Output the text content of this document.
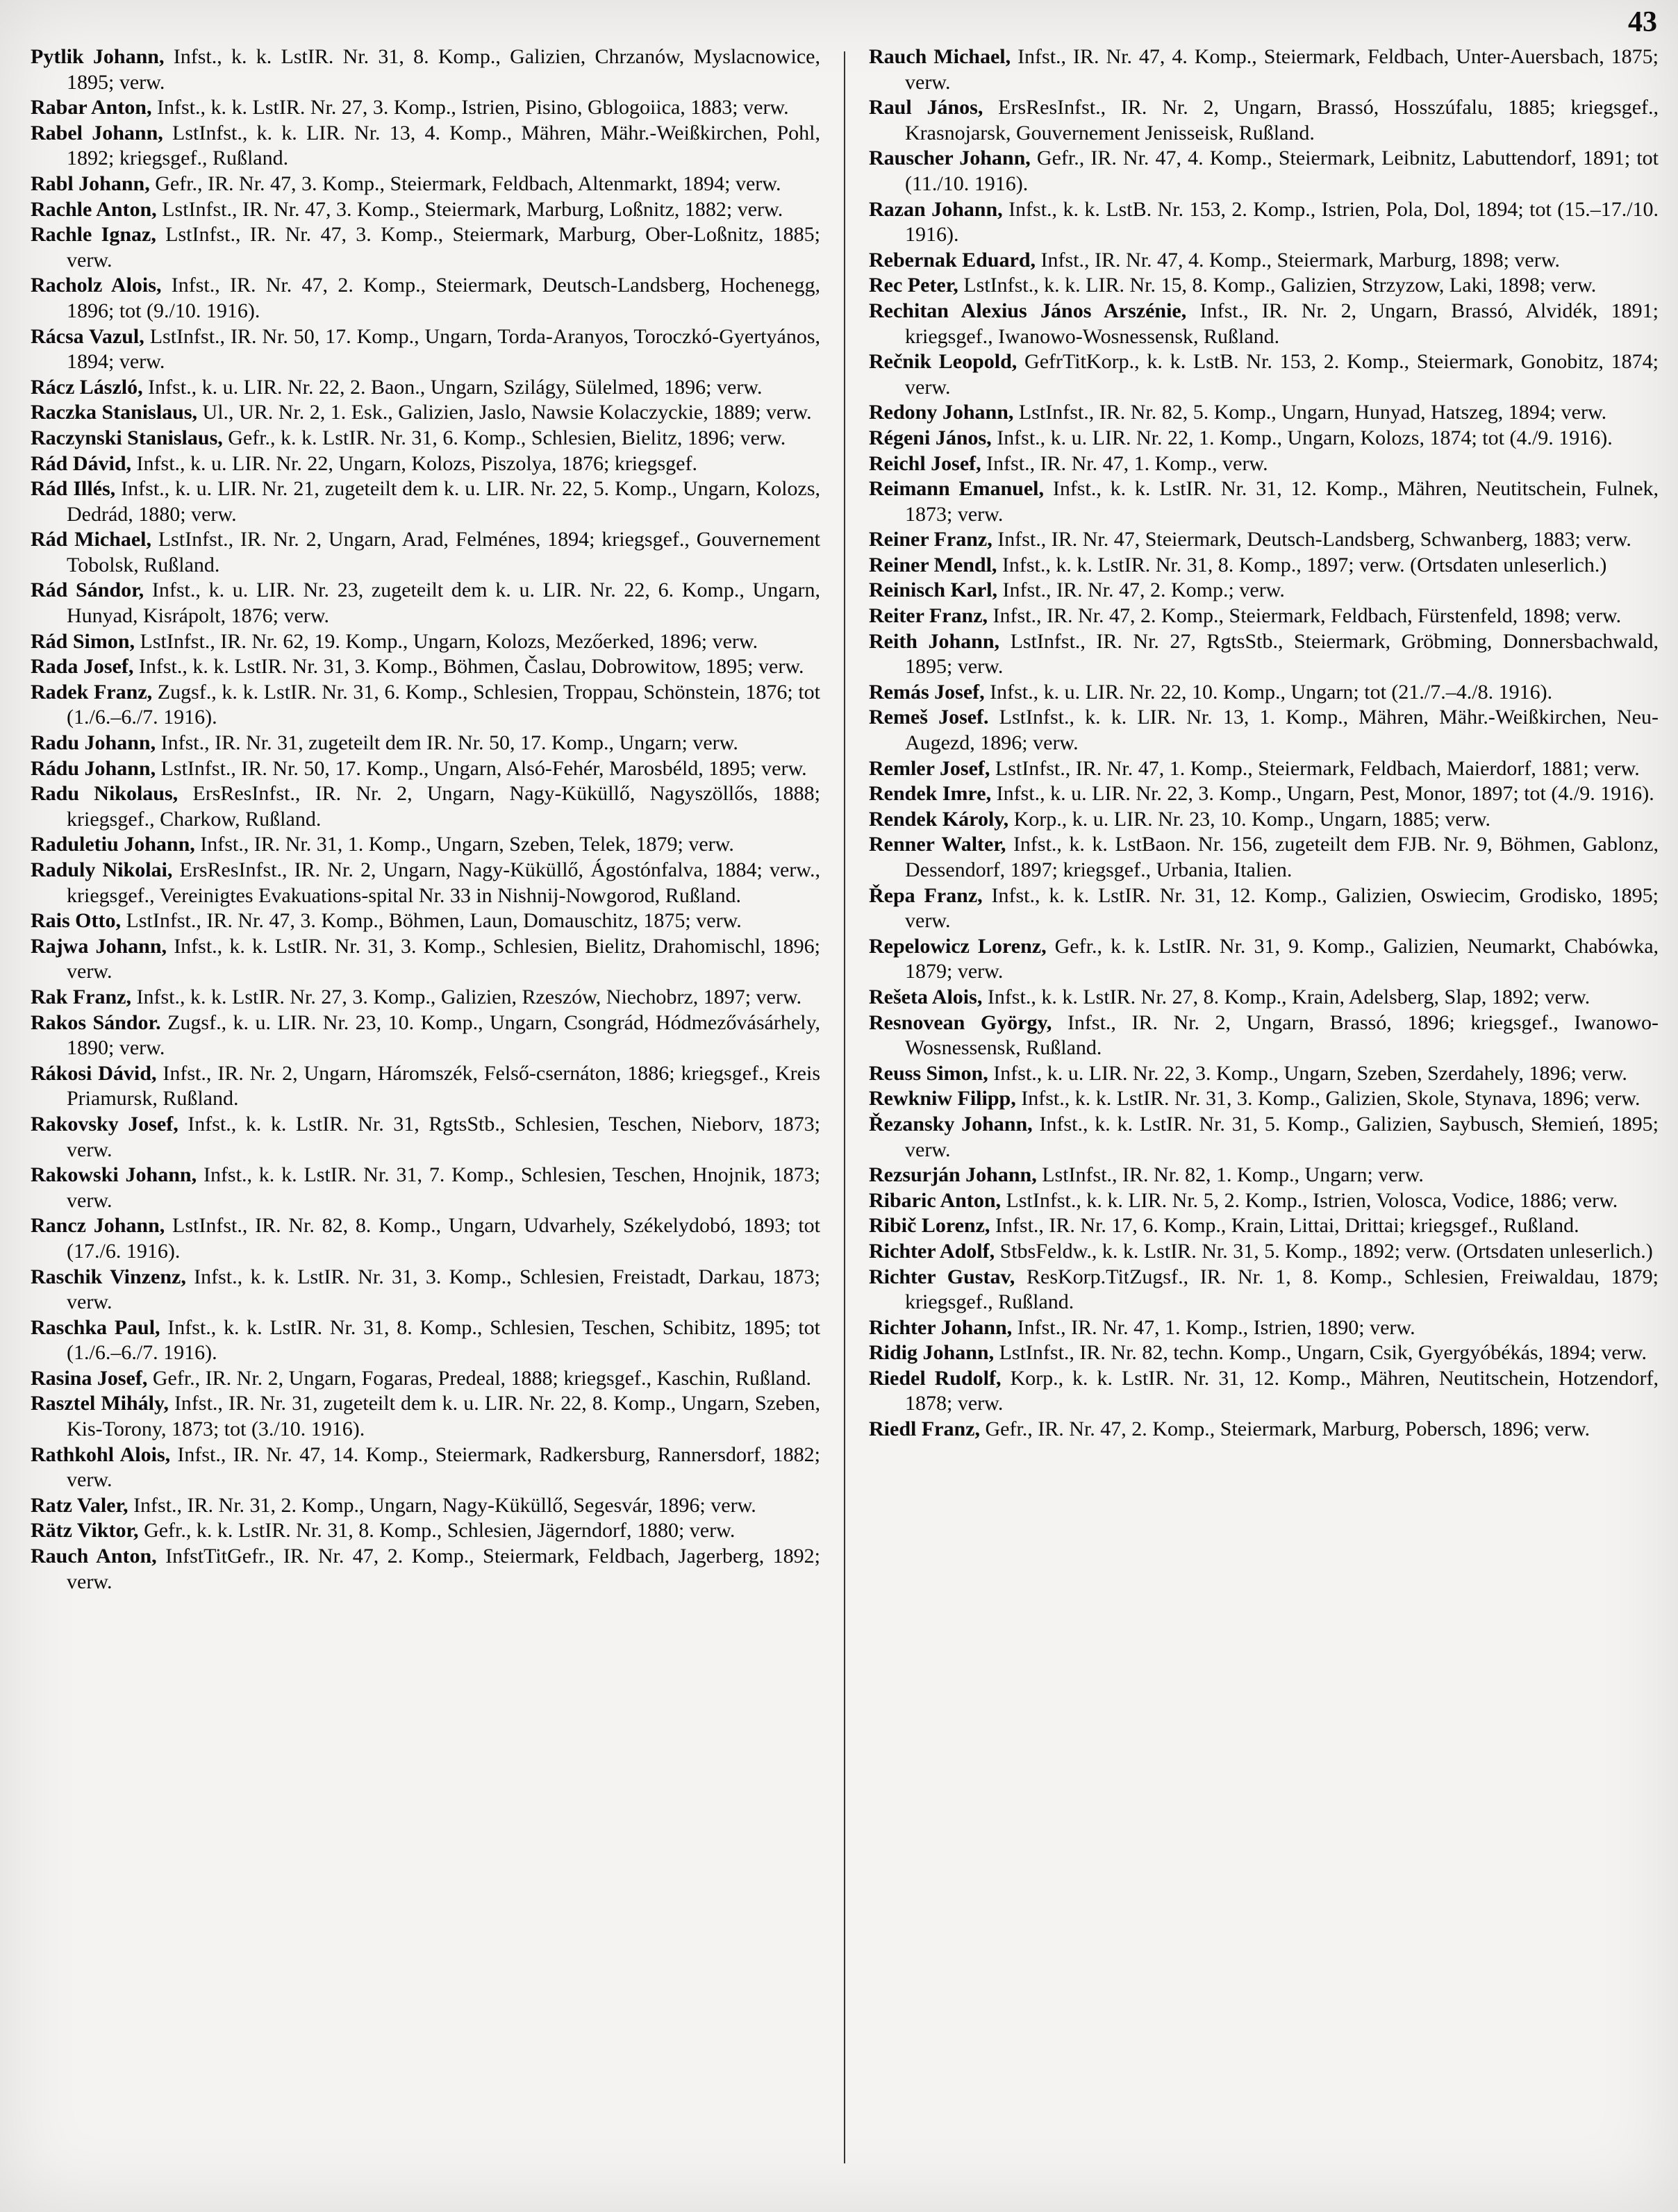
43

Pytlik Johann, Infst., k. k. LstIR. Nr. 31, 8. Komp., Galizien, Chrzanów, Myslacnowice, 1895; verw.

Rabar Anton, Infst., k. k. LstIR. Nr. 27, 3. Komp., Istrien, Pisino, Gblogoiica, 1883; verw.

Rabel Johann, LstInfst., k. k. LIR. Nr. 13, 4. Komp., Mähren, Mähr.-Weißkirchen, Pohl, 1892; kriegsgef., Rußland.

Rabl Johann, Gefr., IR. Nr. 47, 3. Komp., Steiermark, Feldbach, Altenmarkt, 1894; verw.

Rachle Anton, LstInfst., IR. Nr. 47, 3. Komp., Steiermark, Marburg, Loßnitz, 1882; verw.

Rachle Ignaz, LstInfst., IR. Nr. 47, 3. Komp., Steiermark, Marburg, Ober-Loßnitz, 1885; verw.

Racholz Alois, Infst., IR. Nr. 47, 2. Komp., Steiermark, Deutsch-Landsberg, Hochenegg, 1896; tot (9./10. 1916).

Rácsa Vazul, LstInfst., IR. Nr. 50, 17. Komp., Ungarn, Torda-Aranyos, Toroczkó-Gyertyános, 1894; verw.

Rácz László, Infst., k. u. LIR. Nr. 22, 2. Baon., Ungarn, Szilágy, Sülelmed, 1896; verw.

Raczka Stanislaus, Ul., UR. Nr. 2, 1. Esk., Galizien, Jaslo, Nawsie Kolaczyckie, 1889; verw.

Raczynski Stanislaus, Gefr., k. k. LstIR. Nr. 31, 6. Komp., Schlesien, Bielitz, 1896; verw.

Rád Dávid, Infst., k. u. LIR. Nr. 22, Ungarn, Kolozs, Piszolya, 1876; kriegsgef.

Rád Illés, Infst., k. u. LIR. Nr. 21, zugeteilt dem k. u. LIR. Nr. 22, 5. Komp., Ungarn, Kolozs, Dedrád, 1880; verw.

Rád Michael, LstInfst., IR. Nr. 2, Ungarn, Arad, Felménes, 1894; kriegsgef., Gouvernement Tobolsk, Rußland.

Rád Sándor, Infst., k. u. LIR. Nr. 23, zugeteilt dem k. u. LIR. Nr. 22, 6. Komp., Ungarn, Hunyad, Kisrápolt, 1876; verw.

Rád Simon, LstInfst., IR. Nr. 62, 19. Komp., Ungarn, Kolozs, Mezőerked, 1896; verw.

Rada Josef, Infst., k. k. LstIR. Nr. 31, 3. Komp., Böhmen, Časlau, Dobrowitow, 1895; verw.

Radek Franz, Zugsf., k. k. LstIR. Nr. 31, 6. Komp., Schlesien, Troppau, Schönstein, 1876; tot (1./6.–6./7. 1916).

Radu Johann, Infst., IR. Nr. 31, zugeteilt dem IR. Nr. 50, 17. Komp., Ungarn; verw.

Rádu Johann, LstInfst., IR. Nr. 50, 17. Komp., Ungarn, Alsó-Fehér, Marosbéld, 1895; verw.

Radu Nikolaus, ErsResInfst., IR. Nr. 2, Ungarn, Nagy-Küküllő, Nagyszöllős, 1888; kriegsgef., Charkow, Rußland.

Raduletiu Johann, Infst., IR. Nr. 31, 1. Komp., Ungarn, Szeben, Telek, 1879; verw.

Raduly Nikolai, ErsResInfst., IR. Nr. 2, Ungarn, Nagy-Küküllő, Ágostónfalva, 1884; verw., kriegsgef., Vereinigtes Evakuations-spital Nr. 33 in Nishnij-Nowgorod, Rußland.

Rais Otto, LstInfst., IR. Nr. 47, 3. Komp., Böhmen, Laun, Domauschitz, 1875; verw.

Rajwa Johann, Infst., k. k. LstIR. Nr. 31, 3. Komp., Schlesien, Bielitz, Drahomischl, 1896; verw.

Rak Franz, Infst., k. k. LstIR. Nr. 27, 3. Komp., Galizien, Rzeszów, Niechobrz, 1897; verw.

Rakos Sándor. Zugsf., k. u. LIR. Nr. 23, 10. Komp., Ungarn, Csongrád, Hódmezővásárhely, 1890; verw.

Rákosi Dávid, Infst., IR. Nr. 2, Ungarn, Háromszék, Felső-csernáton, 1886; kriegsgef., Kreis Priamursk, Rußland.

Rakovsky Josef, Infst., k. k. LstIR. Nr. 31, RgtsStb., Schlesien, Teschen, Nieborv, 1873; verw.

Rakowski Johann, Infst., k. k. LstIR. Nr. 31, 7. Komp., Schlesien, Teschen, Hnojnik, 1873; verw.

Rancz Johann, LstInfst., IR. Nr. 82, 8. Komp., Ungarn, Udvarhely, Székelydobó, 1893; tot (17./6. 1916).

Raschik Vinzenz, Infst., k. k. LstIR. Nr. 31, 3. Komp., Schlesien, Freistadt, Darkau, 1873; verw.

Raschka Paul, Infst., k. k. LstIR. Nr. 31, 8. Komp., Schlesien, Teschen, Schibitz, 1895; tot (1./6.–6./7. 1916).

Rasina Josef, Gefr., IR. Nr. 2, Ungarn, Fogaras, Predeal, 1888; kriegsgef., Kaschin, Rußland.

Rasztel Mihály, Infst., IR. Nr. 31, zugeteilt dem k. u. LIR. Nr. 22, 8. Komp., Ungarn, Szeben, Kis-Torony, 1873; tot (3./10. 1916).

Rathkohl Alois, Infst., IR. Nr. 47, 14. Komp., Steiermark, Radkersburg, Rannersdorf, 1882; verw.

Ratz Valer, Infst., IR. Nr. 31, 2. Komp., Ungarn, Nagy-Küküllő, Segesvár, 1896; verw.

Rätz Viktor, Gefr., k. k. LstIR. Nr. 31, 8. Komp., Schlesien, Jägerndorf, 1880; verw.

Rauch Anton, InfstTitGefr., IR. Nr. 47, 2. Komp., Steiermark, Feldbach, Jagerberg, 1892; verw.

Rauch Michael, Infst., IR. Nr. 47, 4. Komp., Steiermark, Feldbach, Unter-Auersbach, 1875; verw.

Raul János, ErsResInfst., IR. Nr. 2, Ungarn, Brassó, Hosszúfalu, 1885; kriegsgef., Krasnojarsk, Gouvernement Jenisseisk, Rußland.

Rauscher Johann, Gefr., IR. Nr. 47, 4. Komp., Steiermark, Leibnitz, Labuttendorf, 1891; tot (11./10. 1916).

Razan Johann, Infst., k. k. LstB. Nr. 153, 2. Komp., Istrien, Pola, Dol, 1894; tot (15.–17./10. 1916).

Rebernak Eduard, Infst., IR. Nr. 47, 4. Komp., Steiermark, Marburg, 1898; verw.

Rec Peter, LstInfst., k. k. LIR. Nr. 15, 8. Komp., Galizien, Strzyzow, Laki, 1898; verw.

Rechitan Alexius János Arszénie, Infst., IR. Nr. 2, Ungarn, Brassó, Alvidék, 1891; kriegsgef., Iwanowo-Wosnessensk, Rußland.

Rečnik Leopold, GefrTitKorp., k. k. LstB. Nr. 153, 2. Komp., Steiermark, Gonobitz, 1874; verw.

Redony Johann, LstInfst., IR. Nr. 82, 5. Komp., Ungarn, Hunyad, Hatszeg, 1894; verw.

Régeni János, Infst., k. u. LIR. Nr. 22, 1. Komp., Ungarn, Kolozs, 1874; tot (4./9. 1916).

Reichl Josef, Infst., IR. Nr. 47, 1. Komp., verw.

Reimann Emanuel, Infst., k. k. LstIR. Nr. 31, 12. Komp., Mähren, Neutitschein, Fulnek, 1873; verw.

Reiner Franz, Infst., IR. Nr. 47, Steiermark, Deutsch-Landsberg, Schwanberg, 1883; verw.

Reiner Mendl, Infst., k. k. LstIR. Nr. 31, 8. Komp., 1897; verw. (Ortsdaten unleserlich.)

Reinisch Karl, Infst., IR. Nr. 47, 2. Komp.; verw.

Reiter Franz, Infst., IR. Nr. 47, 2. Komp., Steiermark, Feldbach, Fürstenfeld, 1898; verw.

Reith Johann, LstInfst., IR. Nr. 27, RgtsStb., Steiermark, Gröbming, Donnersbachwald, 1895; verw.

Remás Josef, Infst., k. u. LIR. Nr. 22, 10. Komp., Ungarn; tot (21./7.–4./8. 1916).

Remeš Josef. LstInfst., k. k. LIR. Nr. 13, 1. Komp., Mähren, Mähr.-Weißkirchen, Neu-Augezd, 1896; verw.

Remler Josef, LstInfst., IR. Nr. 47, 1. Komp., Steiermark, Feldbach, Maierdorf, 1881; verw.

Rendek Imre, Infst., k. u. LIR. Nr. 22, 3. Komp., Ungarn, Pest, Monor, 1897; tot (4./9. 1916).

Rendek Károly, Korp., k. u. LIR. Nr. 23, 10. Komp., Ungarn, 1885; verw.

Renner Walter, Infst., k. k. LstBaon. Nr. 156, zugeteilt dem FJB. Nr. 9, Böhmen, Gablonz, Dessendorf, 1897; kriegsgef., Urbania, Italien.

Řepa Franz, Infst., k. k. LstIR. Nr. 31, 12. Komp., Galizien, Oswiecim, Grodisko, 1895; verw.

Repelowicz Lorenz, Gefr., k. k. LstIR. Nr. 31, 9. Komp., Galizien, Neumarkt, Chabówka, 1879; verw.

Rešeta Alois, Infst., k. k. LstIR. Nr. 27, 8. Komp., Krain, Adelsberg, Slap, 1892; verw.

Resnovean György, Infst., IR. Nr. 2, Ungarn, Brassó, 1896; kriegsgef., Iwanowo-Wosnessensk, Rußland.

Reuss Simon, Infst., k. u. LIR. Nr. 22, 3. Komp., Ungarn, Szeben, Szerdahely, 1896; verw.

Rewkniw Filipp, Infst., k. k. LstIR. Nr. 31, 3. Komp., Galizien, Skole, Stynava, 1896; verw.

Řezansky Johann, Infst., k. k. LstIR. Nr. 31, 5. Komp., Galizien, Saybusch, Słemień, 1895; verw.

Rezsurján Johann, LstInfst., IR. Nr. 82, 1. Komp., Ungarn; verw.

Ribaric Anton, LstInfst., k. k. LIR. Nr. 5, 2. Komp., Istrien, Volosca, Vodice, 1886; verw.

Ribič Lorenz, Infst., IR. Nr. 17, 6. Komp., Krain, Littai, Drittai; kriegsgef., Rußland.

Richter Adolf, StbsFeldw., k. k. LstIR. Nr. 31, 5. Komp., 1892; verw. (Ortsdaten unleserlich.)

Richter Gustav, ResKorp.TitZugsf., IR. Nr. 1, 8. Komp., Schlesien, Freiwaldau, 1879; kriegsgef., Rußland.

Richter Johann, Infst., IR. Nr. 47, 1. Komp., Istrien, 1890; verw.

Ridig Johann, LstInfst., IR. Nr. 82, techn. Komp., Ungarn, Csik, Gyergyóbékás, 1894; verw.

Riedel Rudolf, Korp., k. k. LstIR. Nr. 31, 12. Komp., Mähren, Neutitschein, Hotzendorf, 1878; verw.

Riedl Franz, Gefr., IR. Nr. 47, 2. Komp., Steiermark, Marburg, Pobersch, 1896; verw.
